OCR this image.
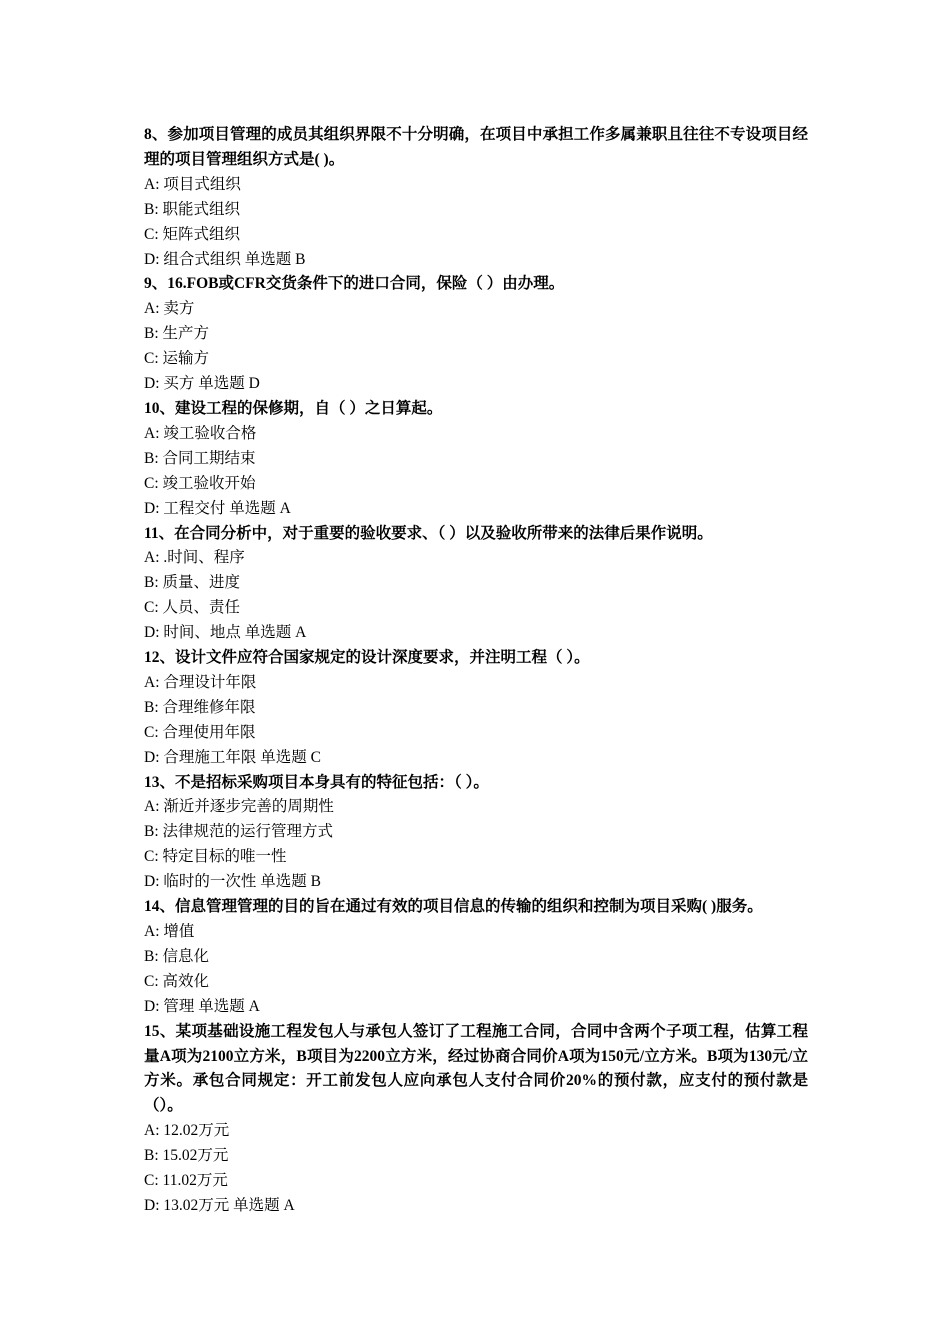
8、参加项目管理的成员其组织界限不十分明确，在项目中承担工作多属兼职且往往不专设项目经理的项目管理组织方式是( )。
A: 项目式组织
B: 职能式组织
C: 矩阵式组织
D: 组合式组织 单选题 B
9、16.FOB或CFR交货条件下的进口合同，保险（ ）由办理。
A: 卖方
B: 生产方
C: 运输方
D: 买方 单选题 D
10、建设工程的保修期，自（ ）之日算起。
A: 竣工验收合格
B: 合同工期结束
C: 竣工验收开始
D: 工程交付 单选题 A
11、在合同分析中，对于重要的验收要求、（ ）以及验收所带来的法律后果作说明。
A: .时间、程序
B: 质量、进度
C: 人员、责任
D: 时间、地点 单选题 A
12、设计文件应符合国家规定的设计深度要求，并注明工程（ ）。
A: 合理设计年限
B: 合理维修年限
C: 合理使用年限
D: 合理施工年限 单选题 C
13、不是招标采购项目本身具有的特征包括：（ ）。
A: 渐近并逐步完善的周期性
B: 法律规范的运行管理方式
C: 特定目标的唯一性
D: 临时的一次性 单选题 B
14、信息管理管理的目的旨在通过有效的项目信息的传输的组织和控制为项目采购( )服务。
A: 增值
B: 信息化
C: 高效化
D: 管理 单选题 A
15、某项基础设施工程发包人与承包人签订了工程施工合同，合同中含两个子项工程，估算工程量A项为2100立方米，B项目为2200立方米，经过协商合同价A项为150元/立方米。B项为130元/立方米。承包合同规定：开工前发包人应向承包人支付合同价20%的预付款，应支付的预付款是（）。
A: 12.02万元
B: 15.02万元
C: 11.02万元
D: 13.02万元 单选题 A
